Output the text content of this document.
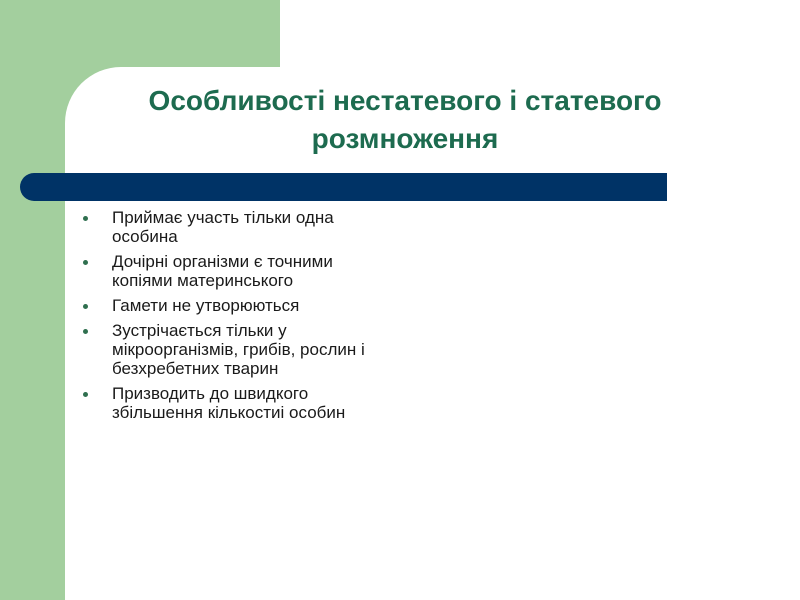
Особливості нестатевого і статевого
розмноження
Приймає участь тільки одна особина
Дочірні організми є точними копіями материнського
Гамети не утворюються
Зустрічається тільки у мікроорганізмів, грибів, рослин і безхребетних тварин
Призводить до швидкого збільшення кількостиі особин
